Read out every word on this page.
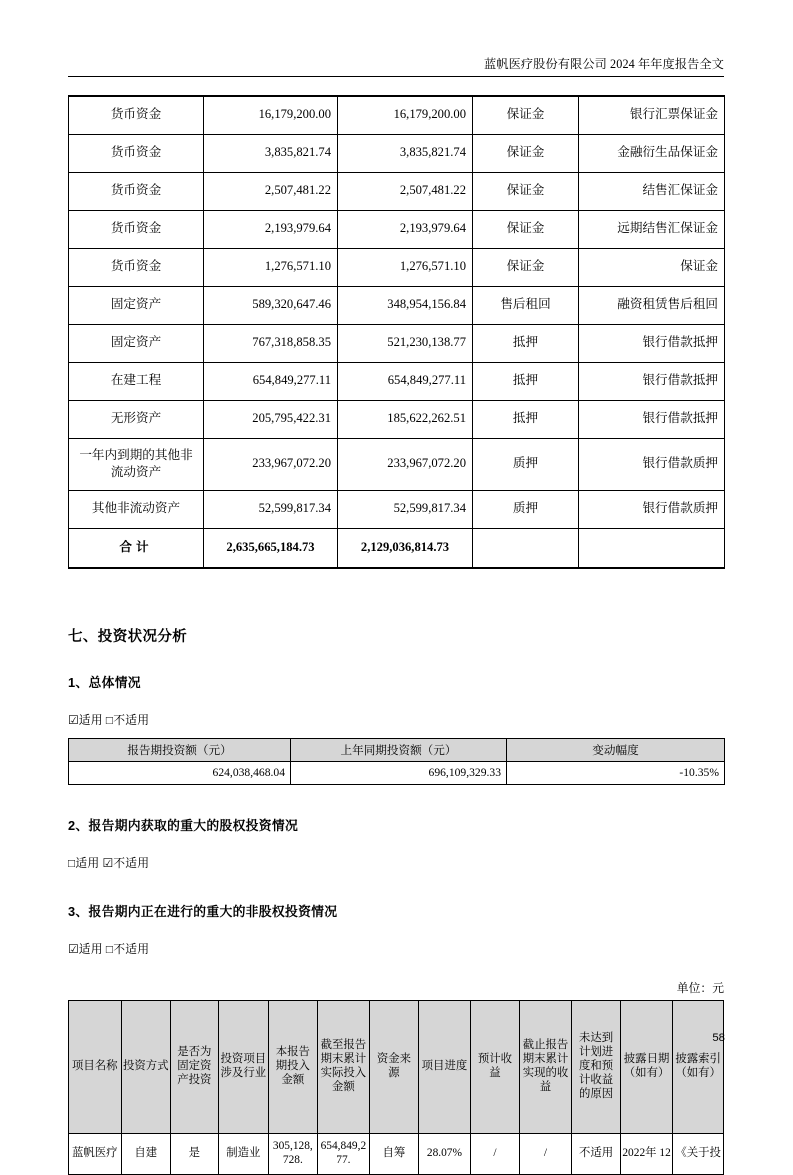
蓝帆医疗股份有限公司 2024 年年度报告全文
货币资金	16,179,200.00	16,179,200.00	保证金	银行汇票保证金
货币资金	3,835,821.74	3,835,821.74	保证金	金融衍生品保证金
货币资金	2,507,481.22	2,507,481.22	保证金	结售汇保证金
货币资金	2,193,979.64	2,193,979.64	保证金	远期结售汇保证金
货币资金	1,276,571.10	1,276,571.10	保证金	保证金
固定资产	589,320,647.46	348,954,156.84	售后租回	融资租赁售后租回
固定资产	767,318,858.35	521,230,138.77	抵押	银行借款抵押
在建工程	654,849,277.11	654,849,277.11	抵押	银行借款抵押
无形资产	205,795,422.31	185,622,262.51	抵押	银行借款抵押
一年内到期的其他非流动资产	233,967,072.20	233,967,072.20	质押	银行借款质押
其他非流动资产	52,599,817.34	52,599,817.34	质押	银行借款质押
合计	2,635,665,184.73	2,129,036,814.73		
七、投资状况分析
1、总体情况

☑适用 □不适用

报告期投资额（元）	上年同期投资额（元）	变动幅度
624,038,468.04	696,109,329.33	-10.35%
2、报告期内获取的重大的股权投资情况

□适用 ☑不适用

3、报告期内正在进行的重大的非股权投资情况

☑适用 □不适用

单位：元

项目名称	投资方式	是否为固定资产投资	投资项目涉及行业	本报告期投入金额	截至报告期末累计实际投入金额	资金来源	项目进度	预计收益	截止报告期末累计实现的收益	未达到计划进度和预计收益的原因	披露日期（如有）	披露索引（如有）
蓝帆医疗	自建	是	制造业	305,128,728.	654,849,277.	自筹	28.07%	/	/	不适用	2022年 12	《关于投
58
